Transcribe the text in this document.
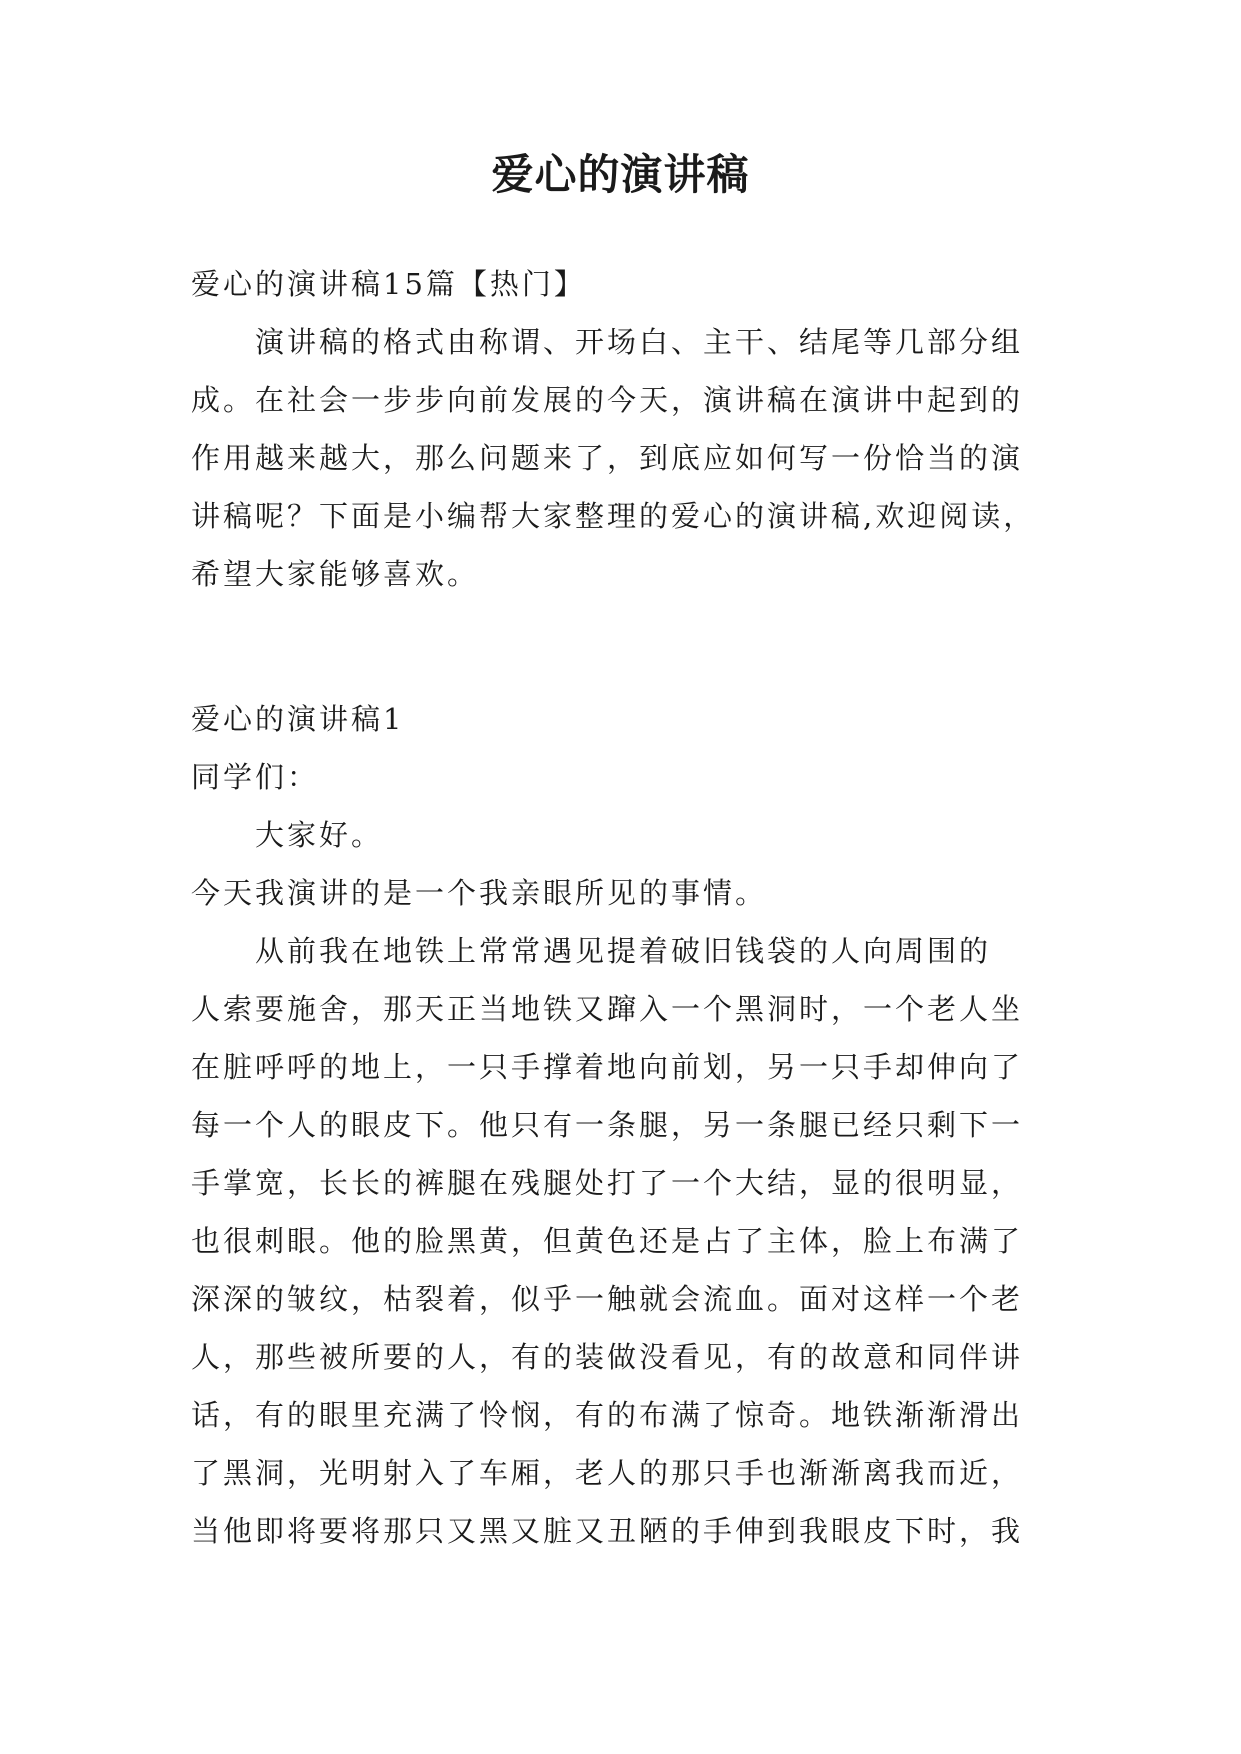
爱心的演讲稿
爱心的演讲稿15篇【热门】
演讲稿的格式由称谓、开场白、主干、结尾等几部分组
成。在社会一步步向前发展的今天，演讲稿在演讲中起到的
作用越来越大，那么问题来了，到底应如何写一份恰当的演
讲稿呢？下面是小编帮大家整理的爱心的演讲稿,欢迎阅读，
希望大家能够喜欢。
爱心的演讲稿1
同学们：
大家好。
今天我演讲的是一个我亲眼所见的事情。
从前我在地铁上常常遇见提着破旧钱袋的人向周围的
人索要施舍，那天正当地铁又蹿入一个黑洞时，一个老人坐
在脏呼呼的地上，一只手撑着地向前划，另一只手却伸向了
每一个人的眼皮下。他只有一条腿，另一条腿已经只剩下一
手掌宽，长长的裤腿在残腿处打了一个大结，显的很明显，
也很刺眼。他的脸黑黄，但黄色还是占了主体，脸上布满了
深深的皱纹，枯裂着，似乎一触就会流血。面对这样一个老
人，那些被所要的人，有的装做没看见，有的故意和同伴讲
话，有的眼里充满了怜悯，有的布满了惊奇。地铁渐渐滑出
了黑洞，光明射入了车厢，老人的那只手也渐渐离我而近，
当他即将要将那只又黑又脏又丑陋的手伸到我眼皮下时，我
